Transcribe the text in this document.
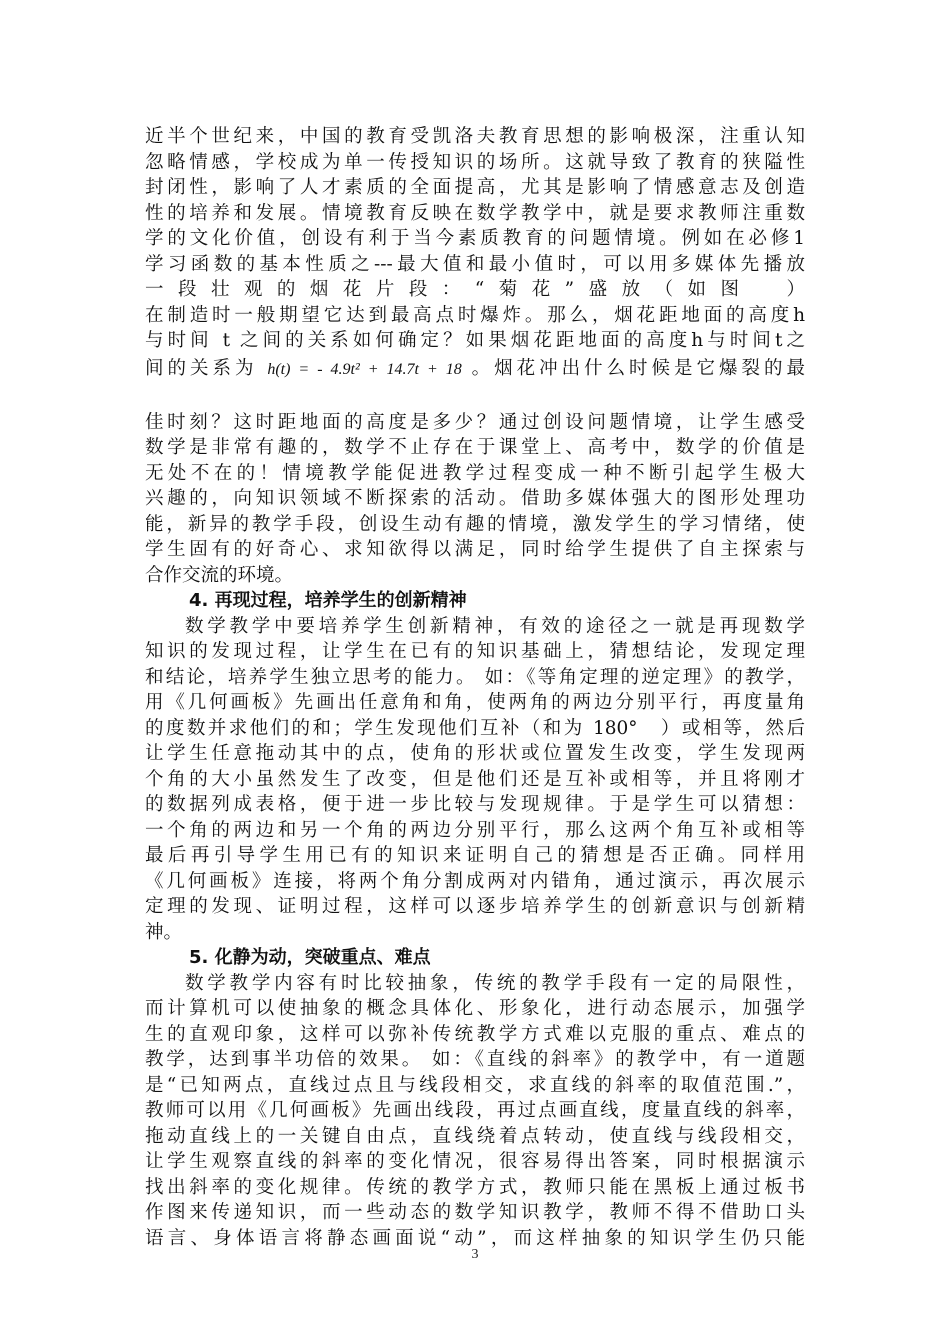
近半个世纪来，中国的教育受凯洛夫教育思想的影响极深，注重认知
忽略情感，学校成为单一传授知识的场所。这就导致了教育的狭隘性
封闭性，影响了人才素质的全面提高，尤其是影响了情感意志及创造
性的培养和发展。情境教育反映在数学教学中，就是要求教师注重数
学的文化价值，创设有利于当今素质教育的问题情境。例如在必修1
学习函数的基本性质之---最大值和最小值时，可以用多媒体先播放
一段壮观的烟花片段：“菊花”盛放（如图　）
在制造时一般期望它达到最高点时爆炸。那么，烟花距地面的高度h
与时间 t 之间的关系如何确定？如果烟花距地面的高度h与时间t之
间的关系为 h(t) = - 4.9t² + 14.7t + 18 。烟花冲出什么时候是它爆裂的最
佳时刻？这时距地面的高度是多少？通过创设问题情境，让学生感受
数学是非常有趣的，数学不止存在于课堂上、高考中，数学的价值是
无处不在的！情境教学能促进教学过程变成一种不断引起学生极大
兴趣的，向知识领域不断探索的活动。借助多媒体强大的图形处理功
能，新异的教学手段，创设生动有趣的情境，激发学生的学习情绪，使
学生固有的好奇心、求知欲得以满足，同时给学生提供了自主探索与
合作交流的环境。
4. 再现过程，培养学生的创新精神
数学教学中要培养学生创新精神，有效的途径之一就是再现数学
知识的发现过程，让学生在已有的知识基础上，猜想结论，发现定理
和结论，培养学生独立思考的能力。 如：《等角定理的逆定理》的教学，
用《几何画板》先画出任意角和角，使两角的两边分别平行，再度量角
的度数并求他们的和；学生发现他们互补（和为 180°　）或相等，然后
让学生任意拖动其中的点，使角的形状或位置发生改变，学生发现两
个角的大小虽然发生了改变，但是他们还是互补或相等，并且将刚才
的数据列成表格，便于进一步比较与发现规律。于是学生可以猜想：
一个角的两边和另一个角的两边分别平行，那么这两个角互补或相等
最后再引导学生用已有的知识来证明自己的猜想是否正确。同样用
《几何画板》连接，将两个角分割成两对内错角，通过演示，再次展示
定理的发现、证明过程，这样可以逐步培养学生的创新意识与创新精
神。
5. 化静为动，突破重点、难点
数学教学内容有时比较抽象，传统的教学手段有一定的局限性，
而计算机可以使抽象的概念具体化、形象化，进行动态展示，加强学
生的直观印象，这样可以弥补传统教学方式难以克服的重点、难点的
教学，达到事半功倍的效果。 如：《直线的斜率》的教学中，有一道题
是“已知两点，直线过点且与线段相交，求直线的斜率的取值范围.”，
教师可以用《几何画板》先画出线段，再过点画直线，度量直线的斜率，
拖动直线上的一关键自由点，直线绕着点转动，使直线与线段相交，
让学生观察直线的斜率的变化情况，很容易得出答案，同时根据演示
找出斜率的变化规律。传统的教学方式，教师只能在黑板上通过板书
作图来传递知识，而一些动态的数学知识教学，教师不得不借助口头
语言、身体语言将静态画面说“动”，而这样抽象的知识学生仍只能
3
